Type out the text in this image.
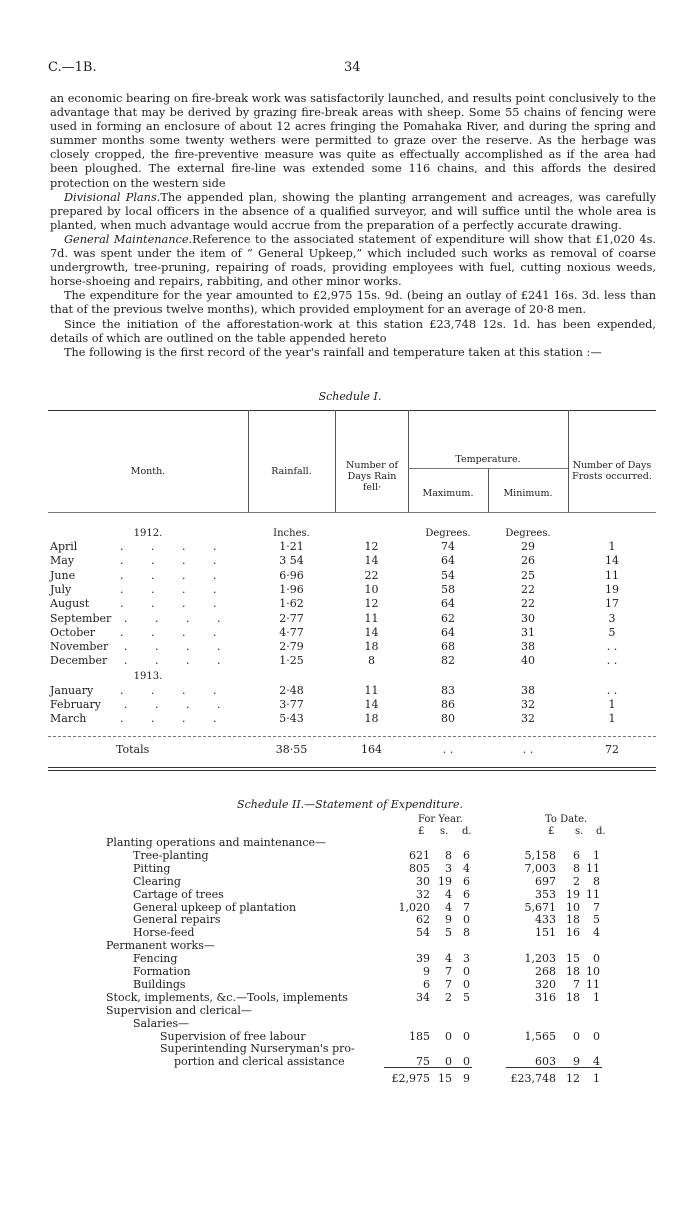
C.—1B.	34

an economic bearing on fire-break work was satisfactorily launched, and results point conclusively to the advantage that may be derived by grazing fire-break areas with sheep. Some 55 chains of fencing were used in forming an enclosure of about 12 acres fringing the Pomahaka River, and during the spring and summer months some twenty wethers were permitted to graze over the reserve. As the herbage was closely cropped, the fire-preventive measure was quite as effectually accomplished as if the area had been ploughed. The external fire-line was extended some 116 chains, and this affords the desired protection on the western side

Divisional Plans.The appended plan, showing the planting arrangement and acreages, was carefully prepared by local officers in the absence of a qualified surveyor, and will suffice until the whole area is planted, when much advantage would accrue from the preparation of a perfectly accurate drawing.

General Maintenance.Reference to the associated statement of expenditure will show that £1,020 4s. 7d. was spent under the item of “ General Upkeep,” which included such works as removal of coarse undergrowth, tree-pruning, repairing of roads, providing employees with fuel, cutting noxious weeds, horse-shoeing and repairs, rabbiting, and other minor works.

The expenditure for the year amounted to £2,975 15s. 9d. (being an outlay of £241 16s. 3d. less than that of the previous twelve months), which provided employment for an average of 20·8 men.

Since the initiation of the afforestation-work at this station £23,748 12s. 1d. has been expended, details of which are outlined on the table appended hereto

The following is the first record of the year's rainfall and temperature taken at this station :—

Schedule I.
Month.	Rainfall.
Number of Days Rain fell·
Temperature.
Maximum.	Minimum.
Number of Days Frosts occurred.
1912.	Inches.	Degrees.	Degrees.
1913.
April	. . . .	1·21	12	74	29	1
May	. . . .	3 54	14	64	26	14
June	. . . .	6·96	22	54	25	11
July	. . . .	1·96	10	58	22	19
August	. . . .	1·62	12	64	22	17
September . . . .	2·77	11	62	30	3
October . . . .	4·77	14	64	31	5
November . . . .	2·79	18	68	38	. .
December . . . .	1·25	8	82	40	. .
January . . . .	2·48	11	83	38	. .
February . . . .	3·77	14	86	32	1
March	. . . .	5·43	18	80	32	1
Totals	38·55	164	. .	. .	72
Schedule II.—Statement of Expenditure.
For Year.	To Date.
£ s. d.	£ s. d.
Planting operations and maintenance—
Tree-planting	621	8	6	5,158	6	1
Pitting	805	3	4	7,003	8 11
Clearing	30 19	6	697	2	8
Cartage of trees	32	4	6	353 19 11
General upkeep of plantation	1,020	4	7	5,671 10	7
General repairs	62	9	0	433 18	5
Horse-feed	54	5	8	151 16	4
Permanent works—
Fencing	39	4	3	1,203 15	0
Formation	9	7	0	268 18 10
Buildings	6	7	0	320	7 11
Stock, implements, &c.—Tools, implements	34	2	5	316 18	1
Supervision and clerical—
Salaries—
Supervision of free labour	185	0	0	1,565	0	0
Superintending Nurseryman's pro-
portion and clerical assistance	75	0	0	603	9	4
£2,975 15	9	£23,748 12	1
